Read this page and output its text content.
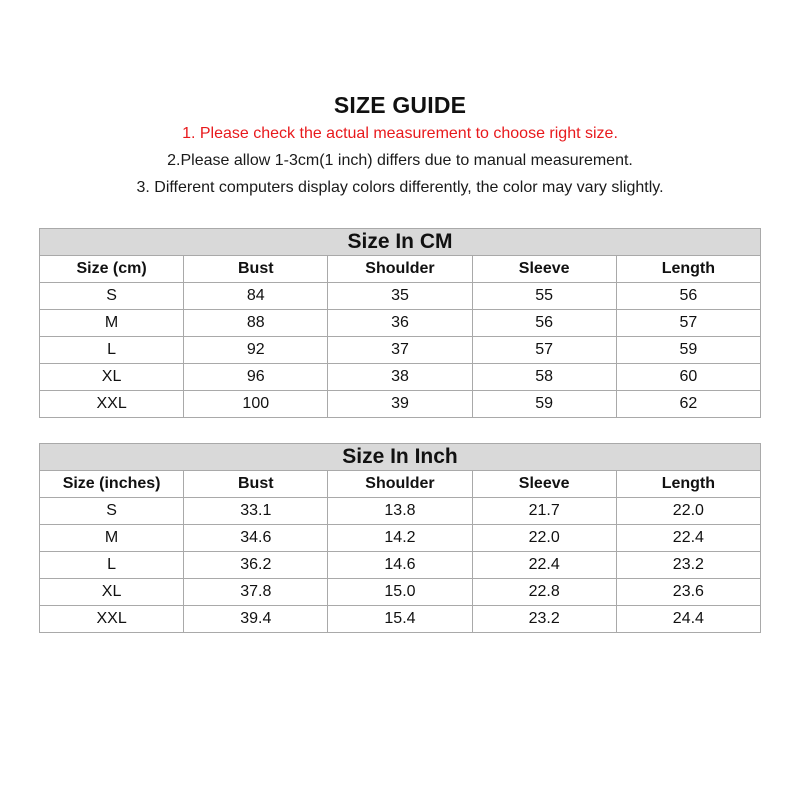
SIZE GUIDE
1. Please check the actual measurement to choose right size.
2.Please allow 1-3cm(1 inch) differs due to manual measurement.
3. Different computers display colors differently, the color may vary slightly.
Size In CM				
Size (cm)	Bust	Shoulder	Sleeve	Length
S	84	35	55	56
M	88	36	56	57
L	92	37	57	59
XL	96	38	58	60
XXL	100	39	59	62
Size In Inch				
Size (inches)	Bust	Shoulder	Sleeve	Length
S	33.1	13.8	21.7	22.0
M	34.6	14.2	22.0	22.4
L	36.2	14.6	22.4	23.2
XL	37.8	15.0	22.8	23.6
XXL	39.4	15.4	23.2	24.4
